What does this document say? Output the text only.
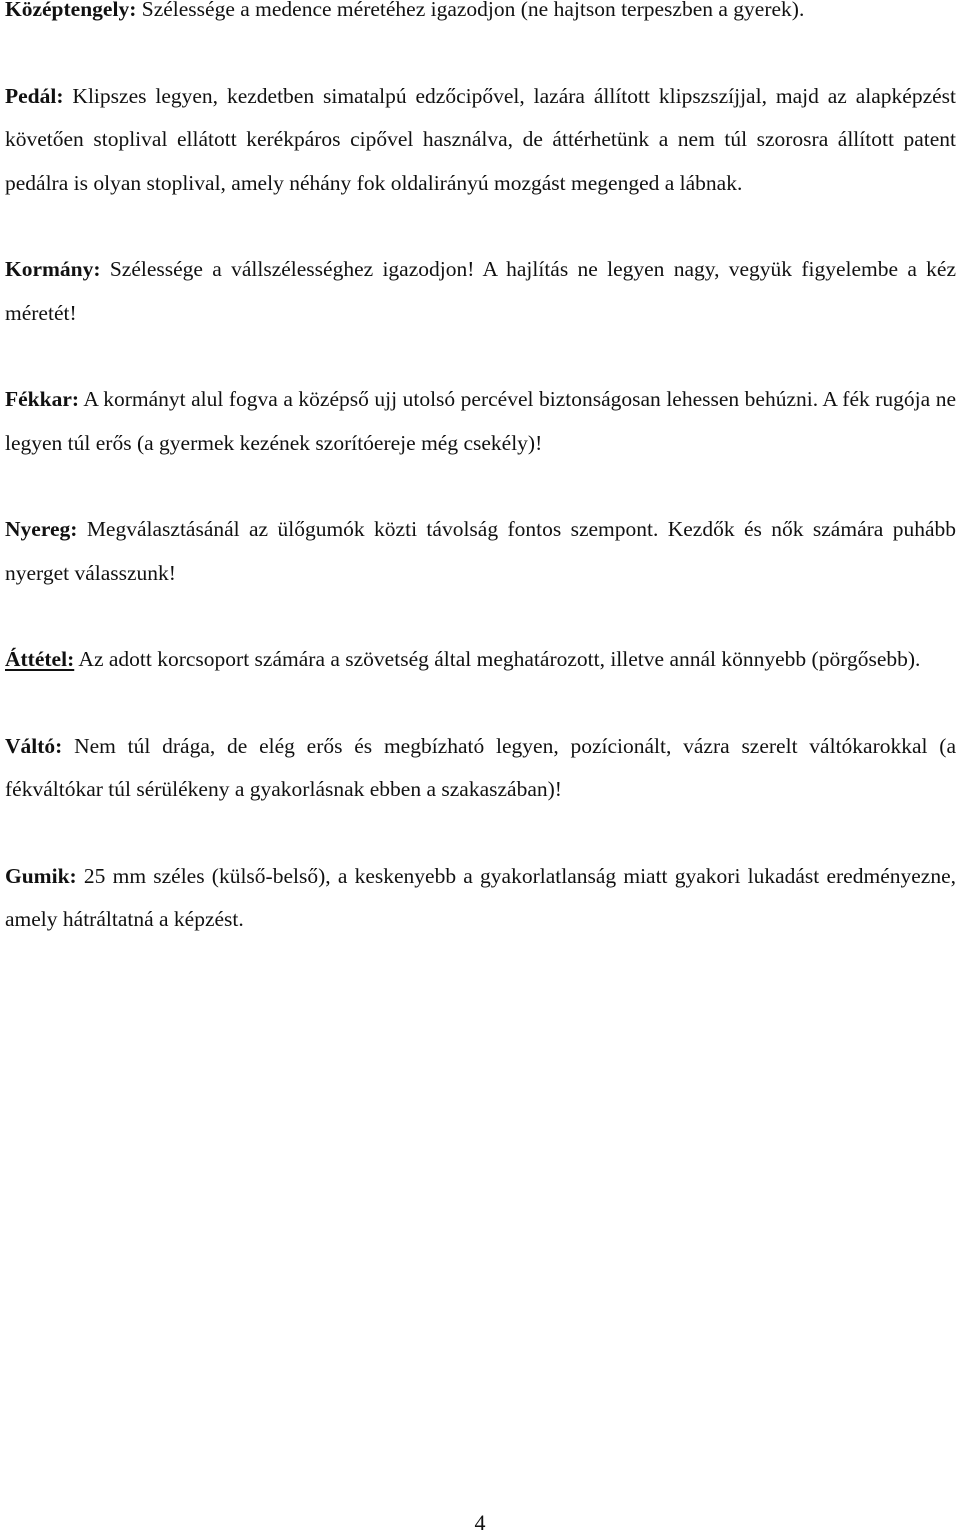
Középtengely: Szélessége a medence méretéhez igazodjon (ne hajtson terpeszben a gyerek).

Pedál: Klipszes legyen, kezdetben simatalpú edzőcipővel, lazára állított klipszszíjjal, majd az alapképzést követően stoplival ellátott kerékpáros cipővel használva, de áttérhetünk a nem túl szorosra állított patent pedálra is olyan stoplival, amely néhány fok oldalirányú mozgást megenged a lábnak.

Kormány: Szélessége a vállszélességhez igazodjon! A hajlítás ne legyen nagy, vegyük figyelembe a kéz méretét!

Fékkar: A kormányt alul fogva a középső ujj utolsó percével biztonságosan lehessen behúzni. A fék rugója ne legyen túl erős (a gyermek kezének szorítóereje még csekély)!

Nyereg: Megválasztásánál az ülőgumók közti távolság fontos szempont. Kezdők és nők számára puhább nyerget válasszunk!

Áttétel: Az adott korcsoport számára a szövetség által meghatározott, illetve annál könnyebb (pörgősebb).

Váltó: Nem túl drága, de elég erős és megbízható legyen, pozícionált, vázra szerelt váltókarokkal (a fékváltókar túl sérülékeny a gyakorlásnak ebben a szakaszában)!

Gumik: 25 mm széles (külső-belső), a keskenyebb a gyakorlatlanság miatt gyakori lukadást eredményezne, amely hátráltatná a képzést.

4
